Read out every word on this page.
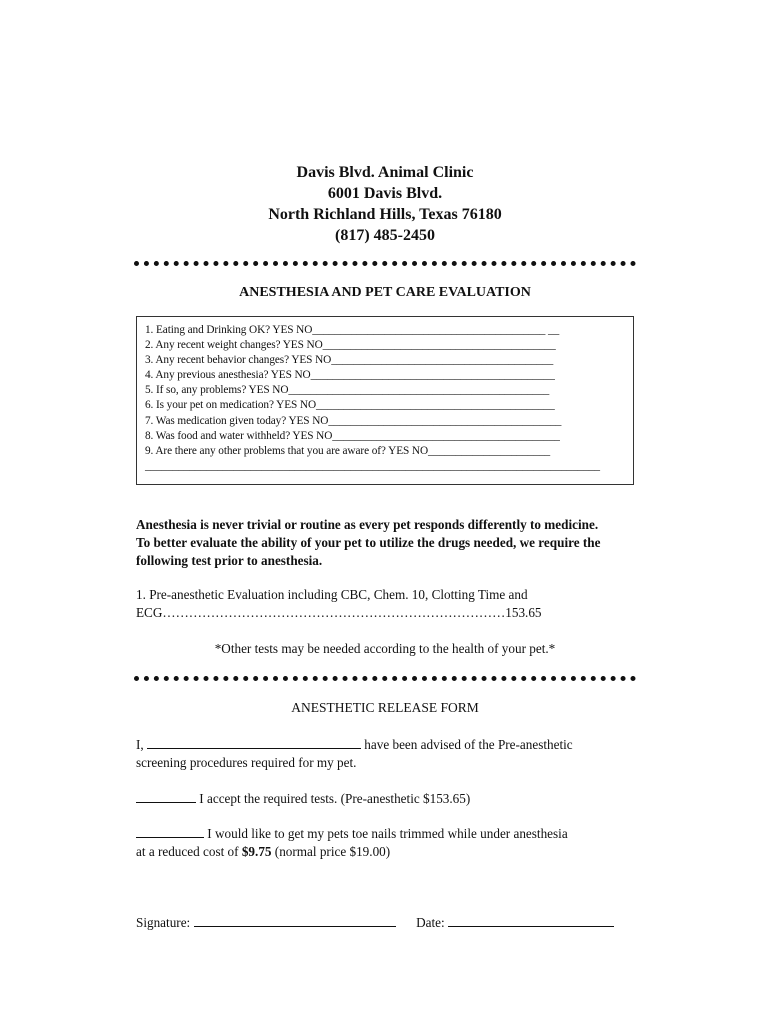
Davis Blvd. Animal Clinic
6001 Davis Blvd.
North Richland Hills, Texas 76180
(817) 485-2450
ANESTHESIA AND PET CARE EVALUATION
1. Eating and Drinking OK? YES NO__________________________________________ __
2. Any recent weight changes? YES NO__________________________________________
3. Any recent behavior changes? YES NO________________________________________
4. Any previous anesthesia? YES NO____________________________________________
5. If so, any problems? YES NO_______________________________________________
6. Is your pet on medication? YES NO___________________________________________
7. Was medication given today? YES NO__________________________________________
8. Was food and water withheld? YES NO_________________________________________
9. Are there any other problems that you are aware of? YES NO______________________
__________________________________________________________________________________
Anesthesia is never trivial or routine as every pet responds differently to medicine. To better evaluate the ability of your pet to utilize the drugs needed, we require the following test prior to anesthesia.
1. Pre-anesthetic Evaluation including CBC, Chem. 10, Clotting Time and
ECG……………………………………………………………………153.65
*Other tests may be needed according to the health of your pet.*
ANESTHETIC RELEASE FORM
I,	have been advised of the Pre-anesthetic
screening procedures required for my pet.
I accept the required tests. (Pre-anesthetic $153.65)
I would like to get my pets toe nails trimmed while under anesthesia
at a reduced cost of $9.75 (normal price $19.00)
Signature:	Date:
